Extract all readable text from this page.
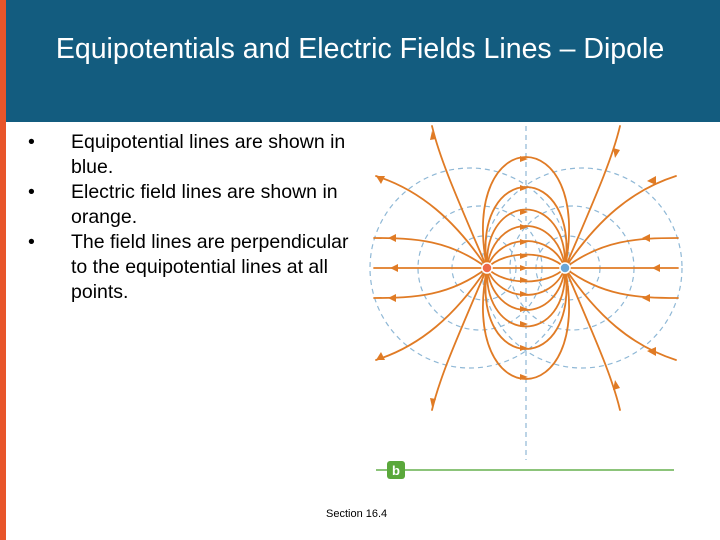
Equipotentials and Electric Fields Lines – Dipole
• Equipotential lines are shown in blue.
• Electric field lines are shown in orange.
• The field lines are perpendicular to the equipotential lines at all points.
b
Section 16.4
